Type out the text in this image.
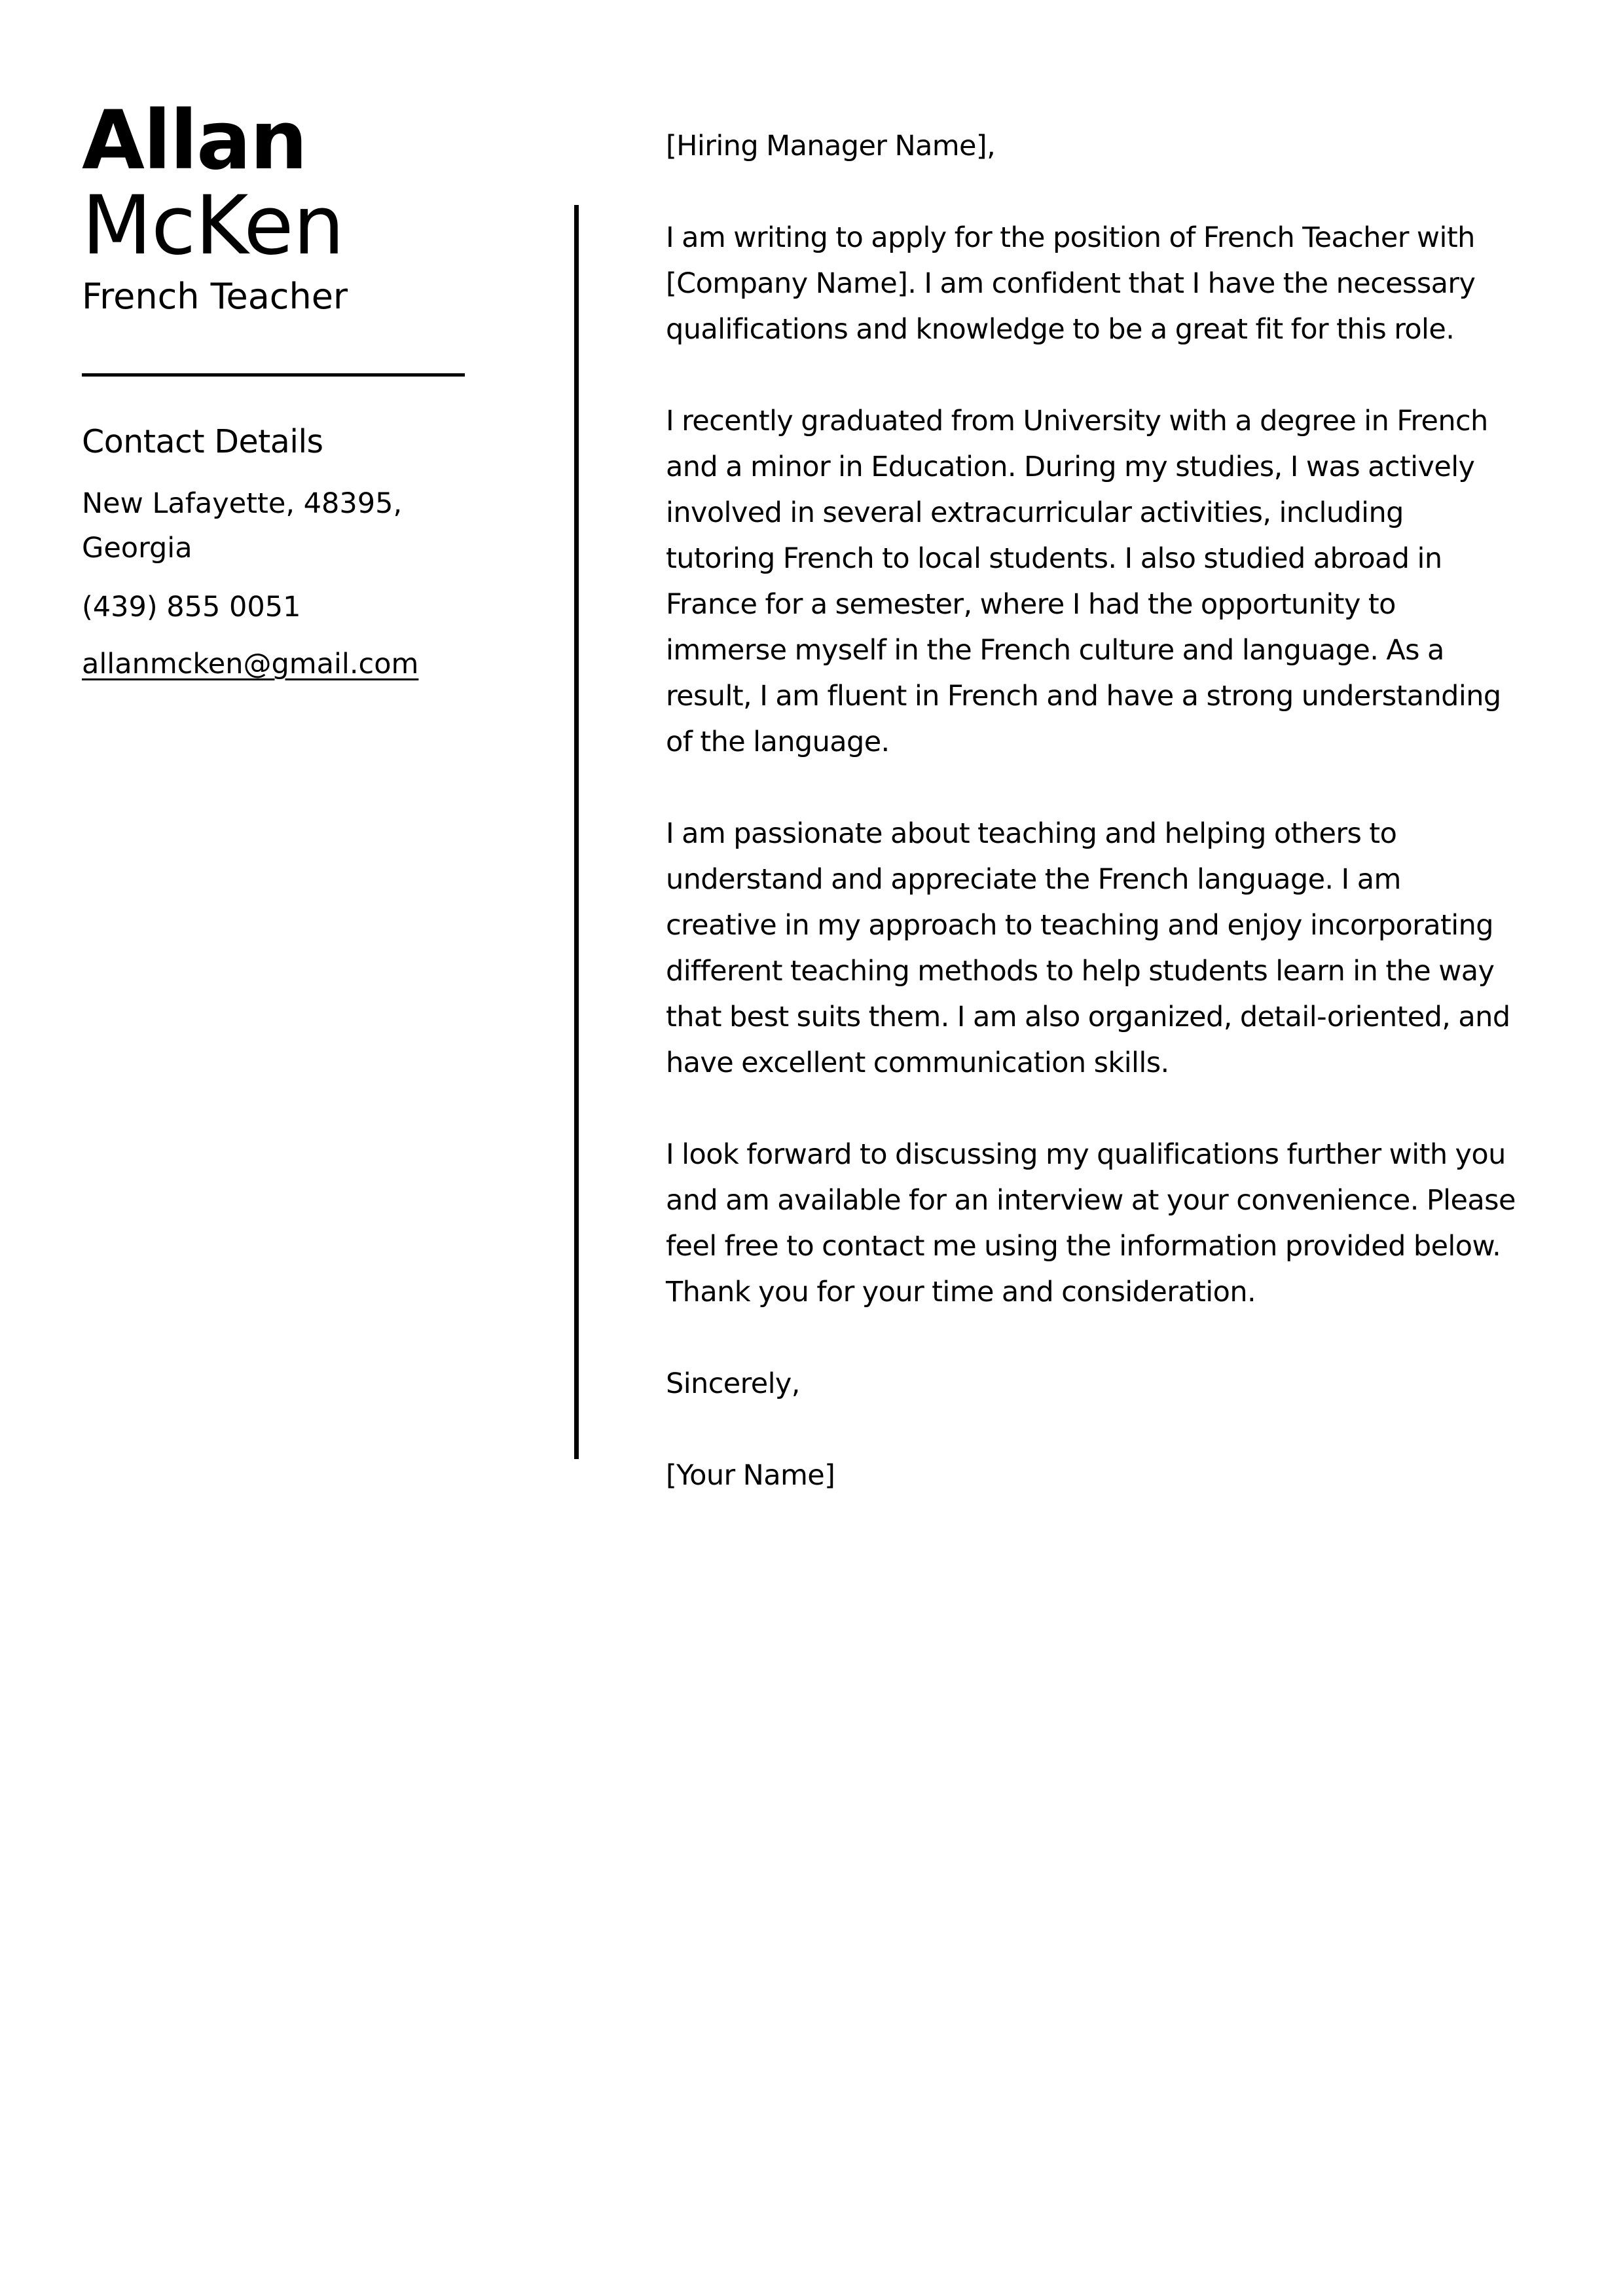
Allan
McKen
French Teacher
Contact Details
New Lafayette, 48395, Georgia
(439) 855 0051
allanmcken@gmail.com

[Hiring Manager Name],

I am writing to apply for the position of French Teacher with [Company Name]. I am confident that I have the necessary qualifications and knowledge to be a great fit for this role.

I recently graduated from University with a degree in French and a minor in Education. During my studies, I was actively involved in several extracurricular activities, including tutoring French to local students. I also studied abroad in France for a semester, where I had the opportunity to immerse myself in the French culture and language. As a result, I am fluent in French and have a strong understanding of the language.

I am passionate about teaching and helping others to understand and appreciate the French language. I am creative in my approach to teaching and enjoy incorporating different teaching methods to help students learn in the way that best suits them. I am also organized, detail-oriented, and have excellent communication skills.

I look forward to discussing my qualifications further with you and am available for an interview at your convenience. Please feel free to contact me using the information provided below. Thank you for your time and consideration.

Sincerely,

[Your Name]
